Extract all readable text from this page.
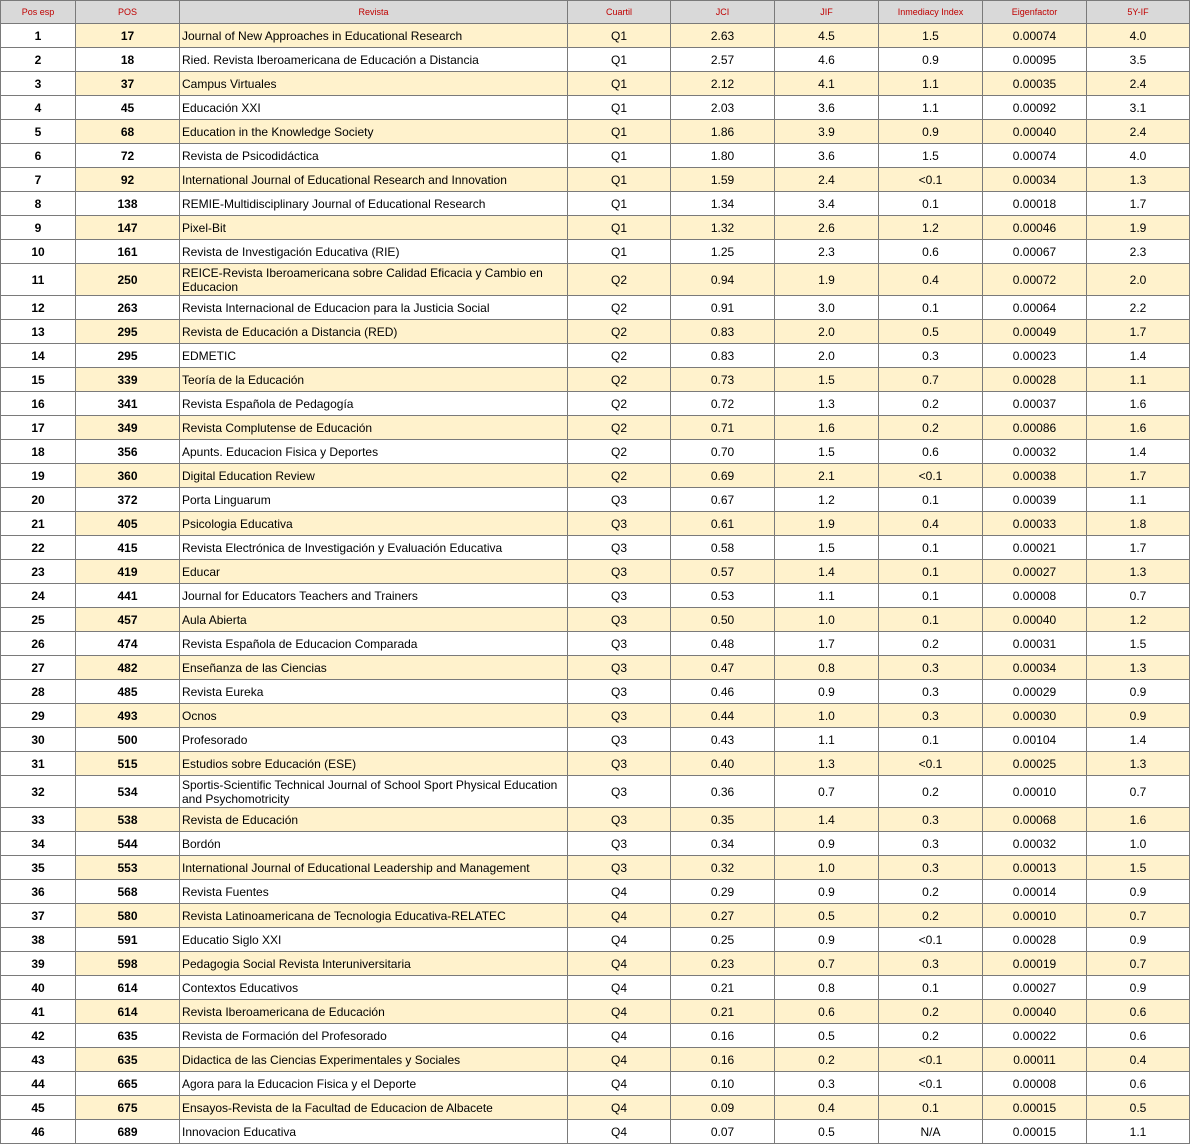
Pos esp	POS	Revista	Cuartil	JCI	JIF	Inmediacy Index	Eigenfactor	5Y-IF
1	17	Journal of New Approaches in Educational Research	Q1	2.63	4.5	1.5	0.00074	4.0
2	18	Ried. Revista Iberoamericana de Educación a Distancia	Q1	2.57	4.6	0.9	0.00095	3.5
3	37	Campus Virtuales	Q1	2.12	4.1	1.1	0.00035	2.4
4	45	Educación XXI	Q1	2.03	3.6	1.1	0.00092	3.1
5	68	Education in the Knowledge Society	Q1	1.86	3.9	0.9	0.00040	2.4
6	72	Revista de Psicodidáctica	Q1	1.80	3.6	1.5	0.00074	4.0
7	92	International Journal of Educational Research and Innovation	Q1	1.59	2.4	<0.1	0.00034	1.3
8	138	REMIE-Multidisciplinary Journal of Educational Research	Q1	1.34	3.4	0.1	0.00018	1.7
9	147	Pixel-Bit	Q1	1.32	2.6	1.2	0.00046	1.9
10	161	Revista de Investigación Educativa (RIE)	Q1	1.25	2.3	0.6	0.00067	2.3
11	250	REICE-Revista Iberoamericana sobre Calidad Eficacia y Cambio en Educacion	Q2	0.94	1.9	0.4	0.00072	2.0
12	263	Revista Internacional de Educacion para la Justicia Social	Q2	0.91	3.0	0.1	0.00064	2.2
13	295	Revista de Educación a Distancia (RED)	Q2	0.83	2.0	0.5	0.00049	1.7
14	295	EDMETIC	Q2	0.83	2.0	0.3	0.00023	1.4
15	339	Teoría de la Educación	Q2	0.73	1.5	0.7	0.00028	1.1
16	341	Revista Española de Pedagogía	Q2	0.72	1.3	0.2	0.00037	1.6
17	349	Revista Complutense de Educación	Q2	0.71	1.6	0.2	0.00086	1.6
18	356	Apunts. Educacion Fisica y Deportes	Q2	0.70	1.5	0.6	0.00032	1.4
19	360	Digital Education Review	Q2	0.69	2.1	<0.1	0.00038	1.7
20	372	Porta Linguarum	Q3	0.67	1.2	0.1	0.00039	1.1
21	405	Psicologia Educativa	Q3	0.61	1.9	0.4	0.00033	1.8
22	415	Revista Electrónica de Investigación y Evaluación Educativa	Q3	0.58	1.5	0.1	0.00021	1.7
23	419	Educar	Q3	0.57	1.4	0.1	0.00027	1.3
24	441	Journal for Educators Teachers and Trainers	Q3	0.53	1.1	0.1	0.00008	0.7
25	457	Aula Abierta	Q3	0.50	1.0	0.1	0.00040	1.2
26	474	Revista Española de Educacion Comparada	Q3	0.48	1.7	0.2	0.00031	1.5
27	482	Enseñanza de las Ciencias	Q3	0.47	0.8	0.3	0.00034	1.3
28	485	Revista Eureka	Q3	0.46	0.9	0.3	0.00029	0.9
29	493	Ocnos	Q3	0.44	1.0	0.3	0.00030	0.9
30	500	Profesorado	Q3	0.43	1.1	0.1	0.00104	1.4
31	515	Estudios sobre Educación (ESE)	Q3	0.40	1.3	<0.1	0.00025	1.3
32	534	Sportis-Scientific Technical Journal of School Sport Physical Education and Psychomotricity	Q3	0.36	0.7	0.2	0.00010	0.7
33	538	Revista de Educación	Q3	0.35	1.4	0.3	0.00068	1.6
34	544	Bordón	Q3	0.34	0.9	0.3	0.00032	1.0
35	553	International Journal of Educational Leadership and Management	Q3	0.32	1.0	0.3	0.00013	1.5
36	568	Revista Fuentes	Q4	0.29	0.9	0.2	0.00014	0.9
37	580	Revista Latinoamericana de Tecnologia Educativa-RELATEC	Q4	0.27	0.5	0.2	0.00010	0.7
38	591	Educatio Siglo XXI	Q4	0.25	0.9	<0.1	0.00028	0.9
39	598	Pedagogia Social Revista Interuniversitaria	Q4	0.23	0.7	0.3	0.00019	0.7
40	614	Contextos Educativos	Q4	0.21	0.8	0.1	0.00027	0.9
41	614	Revista Iberoamericana de Educación	Q4	0.21	0.6	0.2	0.00040	0.6
42	635	Revista de Formación del Profesorado	Q4	0.16	0.5	0.2	0.00022	0.6
43	635	Didactica de las Ciencias Experimentales y Sociales	Q4	0.16	0.2	<0.1	0.00011	0.4
44	665	Agora para la Educacion Fisica y el Deporte	Q4	0.10	0.3	<0.1	0.00008	0.6
45	675	Ensayos-Revista de la Facultad de Educacion de Albacete	Q4	0.09	0.4	0.1	0.00015	0.5
46	689	Innovacion Educativa	Q4	0.07	0.5	N/A	0.00015	1.1
